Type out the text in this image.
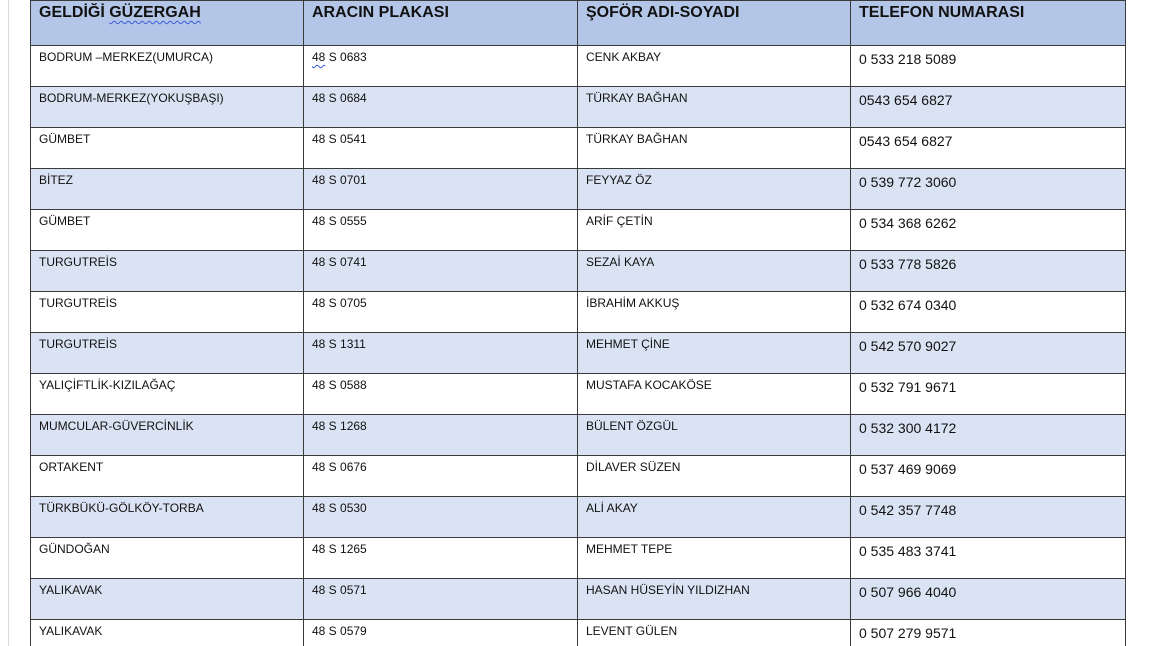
GELDİĞİ GÜZERGAH	ARACIN PLAKASI	ŞOFÖR ADI-SOYADI	TELEFON NUMARASI
BODRUM –MERKEZ(UMURCA)	48 S 0683	CENK AKBAY	0 533 218 5089
BODRUM-MERKEZ(YOKUŞBAŞI)	48 S 0684	TÜRKAY BAĞHAN	0543 654 6827
GÜMBET	48 S 0541	TÜRKAY BAĞHAN	0543 654 6827
BİTEZ	48 S 0701	FEYYAZ ÖZ	0 539 772 3060
GÜMBET	48 S 0555	ARİF ÇETİN	0 534 368 6262
TURGUTREİS	48 S 0741	SEZAİ KAYA	0 533 778 5826
TURGUTREİS	48 S 0705	İBRAHİM AKKUŞ	0 532 674 0340
TURGUTREİS	48 S 1311	MEHMET ÇİNE	0 542 570 9027
YALIÇİFTLİK-KIZILAĞAÇ	48 S 0588	MUSTAFA KOCAKÖSE	0 532 791 9671
MUMCULAR-GÜVERCİNLİK	48 S 1268	BÜLENT ÖZGÜL	0 532 300 4172
ORTAKENT	48 S 0676	DİLAVER SÜZEN	0 537 469 9069
TÜRKBÜKÜ-GÖLKÖY-TORBA	48 S 0530	ALİ AKAY	0 542 357 7748
GÜNDOĞAN	48 S 1265	MEHMET TEPE	0 535 483 3741
YALIKAVAK	48 S 0571	HASAN HÜSEYİN YILDIZHAN	0 507 966 4040
YALIKAVAK	48 S 0579	LEVENT GÜLEN	0 507 279 9571
